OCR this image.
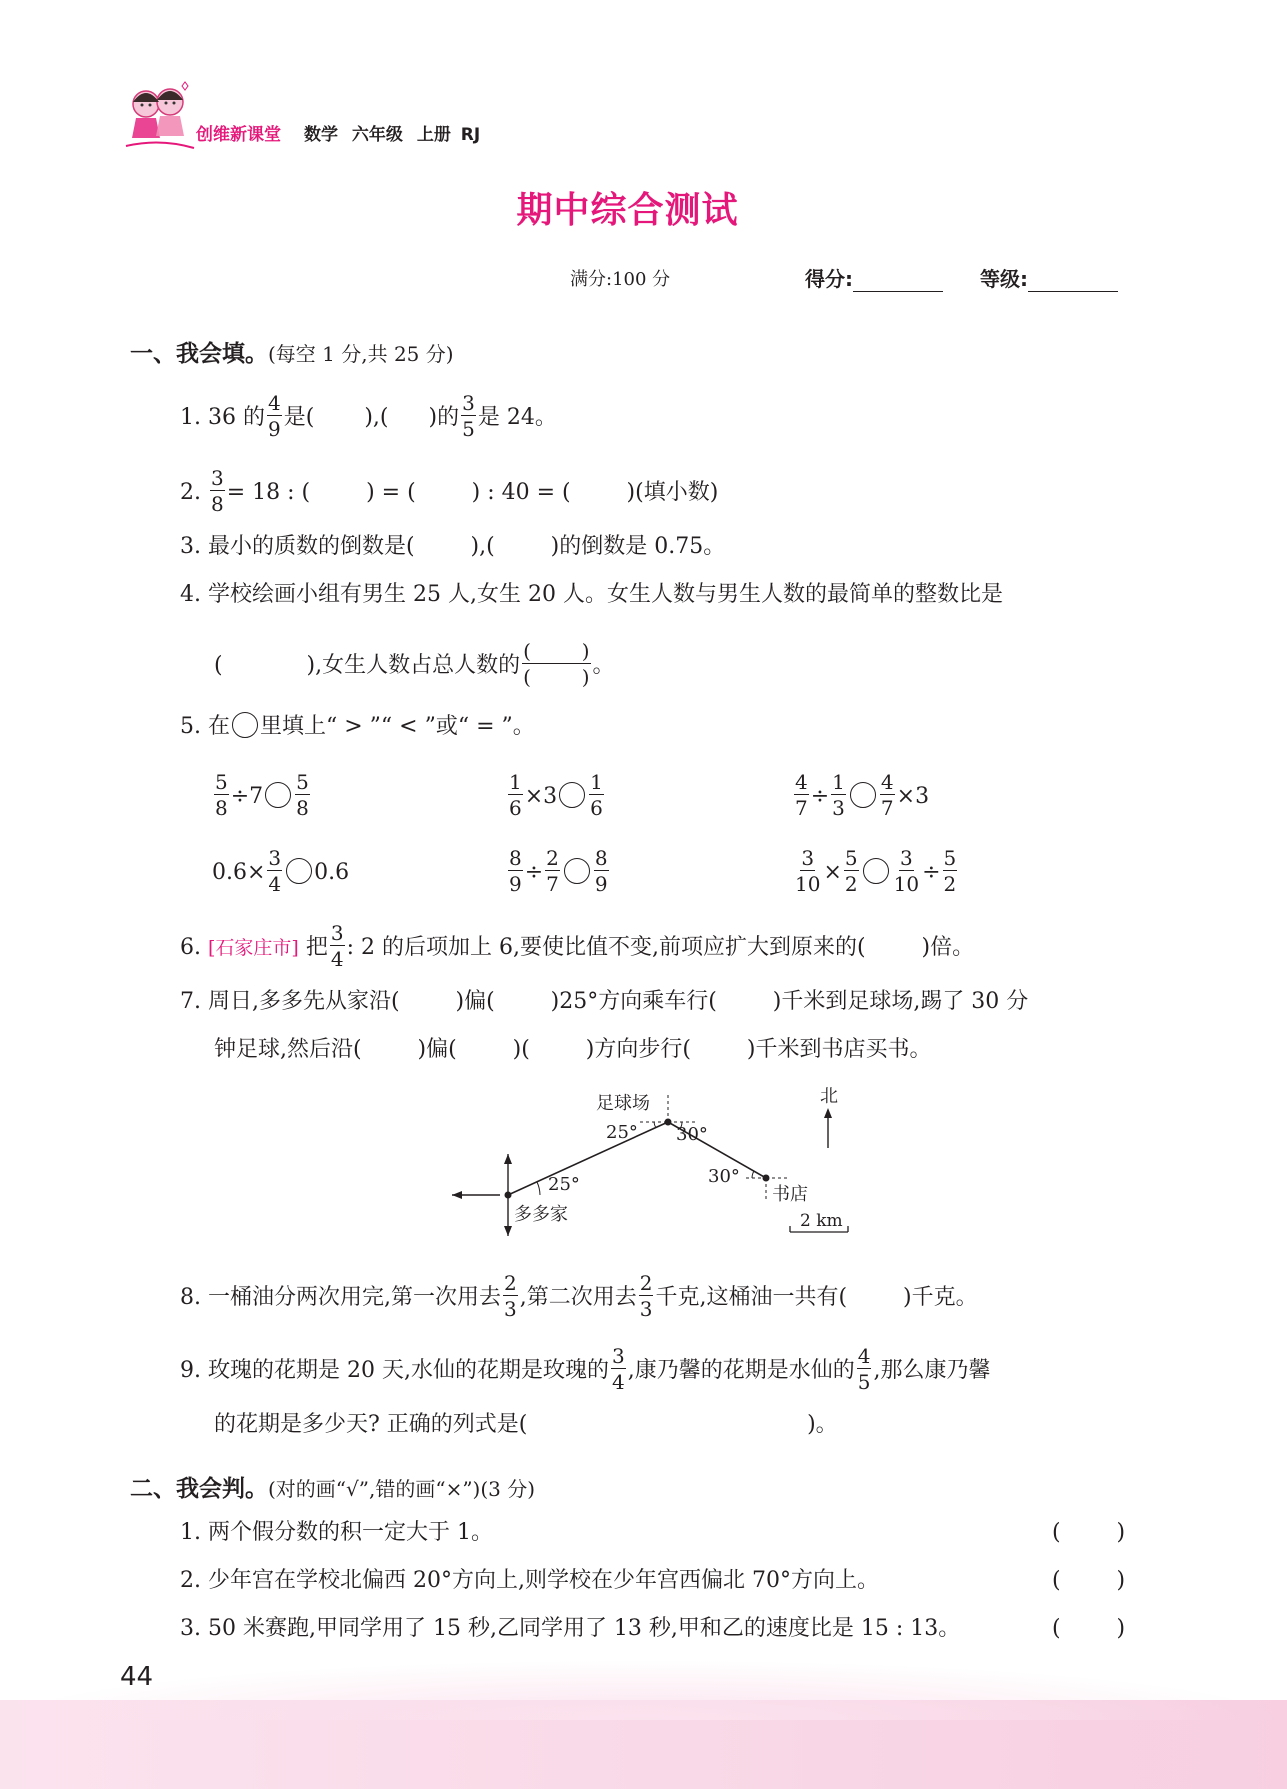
创维新课堂 数学 六年级 上册 RJ
期中综合测试
满分:100 分	得分:	等级:
一、我会填。(每空 1 分,共 25 分)
1. 36 的 $\frac{4}{9}$ 是( ),( )的 $\frac{3}{5}$ 是 24。
2. $\frac{3}{8} = 18$ : (        ) = (        ) : 40 = (        )(填小数)
3. 最小的质数的倒数是(        ),(        )的倒数是 0.75。
4. 学校绘画小组有男生 25 人,女生 20 人。女生人数与男生人数的最简单的整数比是
(            ),女生人数占总人数的 $\frac{( )}{( )}$ 。
5. 在 里填上“ > ”“ < ”或“ = ”。
$\frac{5}{8} \div 7 \frac{5}{8}$	$\frac{1}{6} \times 3 \frac{1}{6}$	$\frac{4}{7} \div \frac{1}{3} \frac{4}{7} \times 3$
$0.6\times \frac{3}{4} 0.6$	$\frac{8}{9} \div \frac{2}{7} \frac{8}{9}$	$\frac{3}{10} \times \frac{5}{2} \frac{3}{10} \div \frac{5}{2}$
6. [石家庄市] 把 $\frac{3}{4}$ : 2 的后项加上 6,要使比值不变,前项应扩大到原来的(        )倍。
7. 周日,多多先从家沿(        )偏(        )25°方向乘车行(        )千米到足球场,踢了 30 分
钟足球,然后沿(        )偏(        )(        )方向步行(        )千米到书店买书。
足球场
多多家
书店
北
25°
25°
30°
30°
2 km
8. 一桶油分两次用完,第一次用去 $\frac{2}{3}$ ,第二次用去 $\frac{2}{3}$ 千克,这桶油一共有(        )千克。
9. 玫瑰的花期是 20 天,水仙的花期是玫瑰的 $\frac{3}{4}$ ,康乃馨的花期是水仙的 $\frac{4}{5}$ ,那么康乃馨
的花期是多少天? 正确的列式是(                                        )。
二、我会判。(对的画“√”,错的画“×”)(3 分)
1. 两个假分数的积一定大于 1。	(        )
2. 少年宫在学校北偏西 20°方向上,则学校在少年宫西偏北 70°方向上。	(        )
3. 50 米赛跑,甲同学用了 15 秒,乙同学用了 13 秒,甲和乙的速度比是 15 : 13。	(        )
